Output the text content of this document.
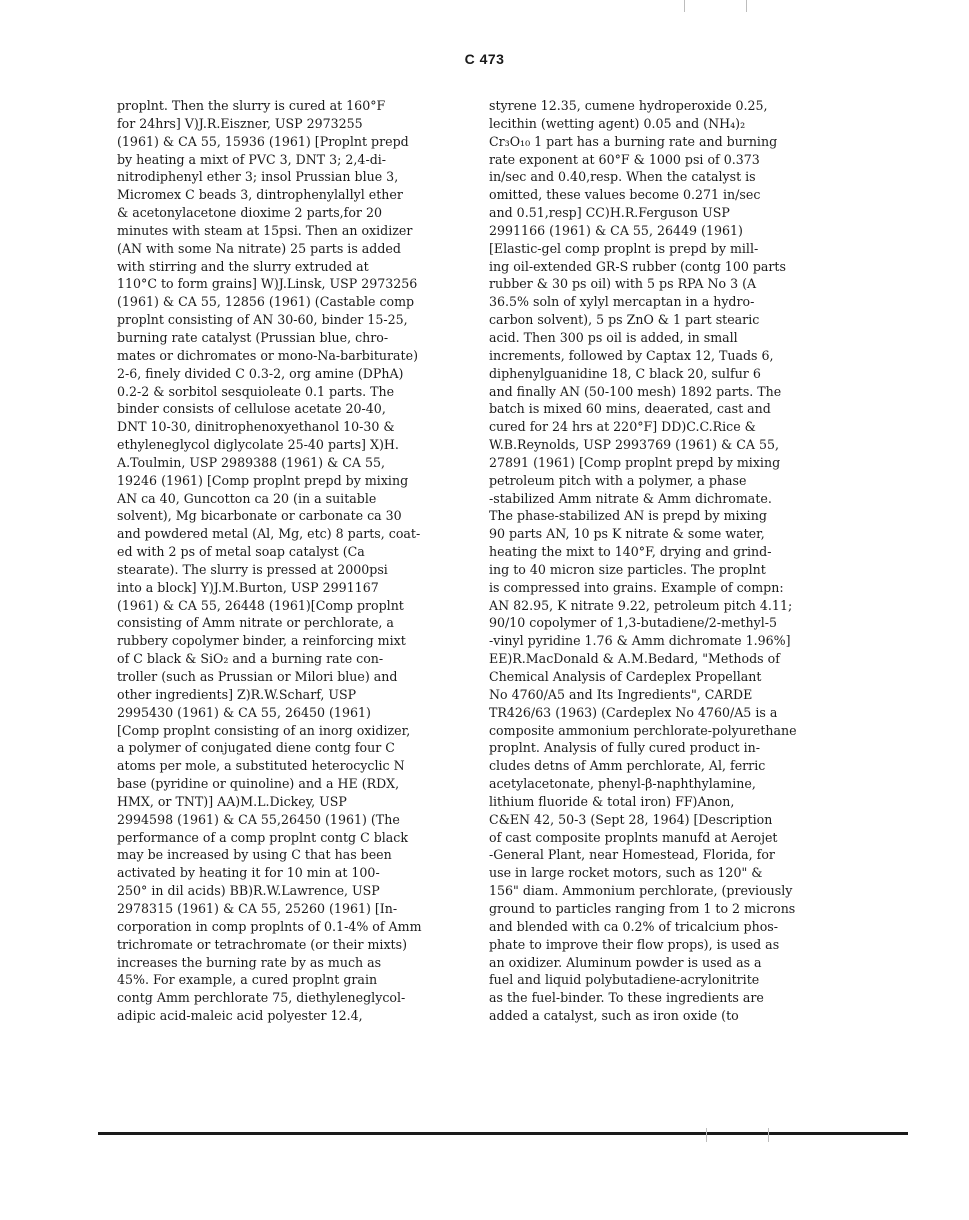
C 473
proplnt. Then the slurry is cured at 160°F
for 24hrs] V)J.R.Eiszner, USP 2973255
(1961) & CA 55, 15936 (1961) [Proplnt prepd
by heating a mixt of PVC 3, DNT 3; 2,4-di-
nitrodiphenyl ether 3; insol Prussian blue 3,
Micromex C beads 3, dintrophenylallyl ether
& acetonylacetone dioxime 2 parts,for 20
minutes with steam at 15psi. Then an oxidizer
(AN with some Na nitrate) 25 parts is added
with stirring and the slurry extruded at
110°C to form grains] W)J.Linsk, USP 2973256
(1961) & CA 55, 12856 (1961) (Castable comp
proplnt consisting of AN 30-60, binder 15-25,
burning rate catalyst (Prussian blue, chro-
mates or dichromates or mono-Na-barbiturate)
2-6, finely divided C 0.3-2, org amine (DPhA)
0.2-2 & sorbitol sesquioleate 0.1 parts. The
binder consists of cellulose acetate 20-40,
DNT 10-30, dinitrophenoxyethanol 10-30 &
ethyleneglycol diglycolate 25-40 parts] X)H.
A.Toulmin, USP 2989388 (1961) & CA 55,
19246 (1961) [Comp proplnt prepd by mixing
AN ca 40, Guncotton ca 20 (in a suitable
solvent), Mg bicarbonate or carbonate ca 30
and powdered metal (Al, Mg, etc) 8 parts, coat-
ed with 2 ps of metal soap catalyst (Ca
stearate). The slurry is pressed at 2000psi
into a block] Y)J.M.Burton, USP 2991167
(1961) & CA 55, 26448 (1961)[Comp proplnt
consisting of Amm nitrate or perchlorate, a
rubbery copolymer binder, a reinforcing mixt
of C black & SiO₂ and a burning rate con-
troller (such as Prussian or Milori blue) and
other ingredients] Z)R.W.Scharf, USP
2995430 (1961) & CA 55, 26450 (1961)
[Comp proplnt consisting of an inorg oxidizer,
a polymer of conjugated diene contg four C
atoms per mole, a substituted heterocyclic N
base (pyridine or quinoline) and a HE (RDX,
HMX, or TNT)] AA)M.L.Dickey, USP
2994598 (1961) & CA 55,26450 (1961) (The
performance of a comp proplnt contg C black
may be increased by using C that has been
activated by heating it for 10 min at 100-
250° in dil acids) BB)R.W.Lawrence, USP
2978315 (1961) & CA 55, 25260 (1961) [In-
corporation in comp proplnts of 0.1-4% of Amm
trichromate or tetrachromate (or their mixts)
increases the burning rate by as much as
45%. For example, a cured proplnt grain
contg Amm perchlorate 75, diethyleneglycol-
adipic acid-maleic acid polyester 12.4,
styrene 12.35, cumene hydroperoxide 0.25,
lecithin (wetting agent) 0.05 and (NH₄)₂
Cr₃O₁₀ 1 part has a burning rate and burning
rate exponent at 60°F & 1000 psi of 0.373
in/sec and 0.40,resp. When the catalyst is
omitted, these values become 0.271 in/sec
and 0.51,resp] CC)H.R.Ferguson USP
2991166 (1961) & CA 55, 26449 (1961)
[Elastic-gel comp proplnt is prepd by mill-
ing oil-extended GR-S rubber (contg 100 parts
rubber & 30 ps oil) with 5 ps RPA No 3 (A
36.5% soln of xylyl mercaptan in a hydro-
carbon solvent), 5 ps ZnO & 1 part stearic
acid. Then 300 ps oil is added, in small
increments, followed by Captax 12, Tuads 6,
diphenylguanidine 18, C black 20, sulfur 6
and finally AN (50-100 mesh) 1892 parts. The
batch is mixed 60 mins, deaerated, cast and
cured for 24 hrs at 220°F] DD)C.C.Rice &
W.B.Reynolds, USP 2993769 (1961) & CA 55,
27891 (1961) [Comp proplnt prepd by mixing
petroleum pitch with a polymer, a phase
-stabilized Amm nitrate & Amm dichromate.
The phase-stabilized AN is prepd by mixing
90 parts AN, 10 ps K nitrate & some water,
heating the mixt to 140°F, drying and grind-
ing to 40 micron size particles. The proplnt
is compressed into grains. Example of compn:
AN 82.95, K nitrate 9.22, petroleum pitch 4.11;
90/10 copolymer of 1,3-butadiene/2-methyl-5
-vinyl pyridine 1.76 & Amm dichromate 1.96%]
EE)R.MacDonald & A.M.Bedard, "Methods of
Chemical Analysis of Cardeplex Propellant
No 4760/A5 and Its Ingredients", CARDE
TR426/63 (1963) (Cardeplex No 4760/A5 is a
composite ammonium perchlorate-polyurethane
proplnt. Analysis of fully cured product in-
cludes detns of Amm perchlorate, Al, ferric
acetylacetonate, phenyl-β-naphthylamine,
lithium fluoride & total iron) FF)Anon,
C&EN 42, 50-3 (Sept 28, 1964) [Description
of cast composite proplnts manufd at Aerojet
-General Plant, near Homestead, Florida, for
use in large rocket motors, such as 120" &
156" diam. Ammonium perchlorate, (previously
ground to particles ranging from 1 to 2 microns
and blended with ca 0.2% of tricalcium phos-
phate to improve their flow props), is used as
an oxidizer. Aluminum powder is used as a
fuel and liquid polybutadiene-acrylonitrite
as the fuel-binder. To these ingredients are
added a catalyst, such as iron oxide (to
